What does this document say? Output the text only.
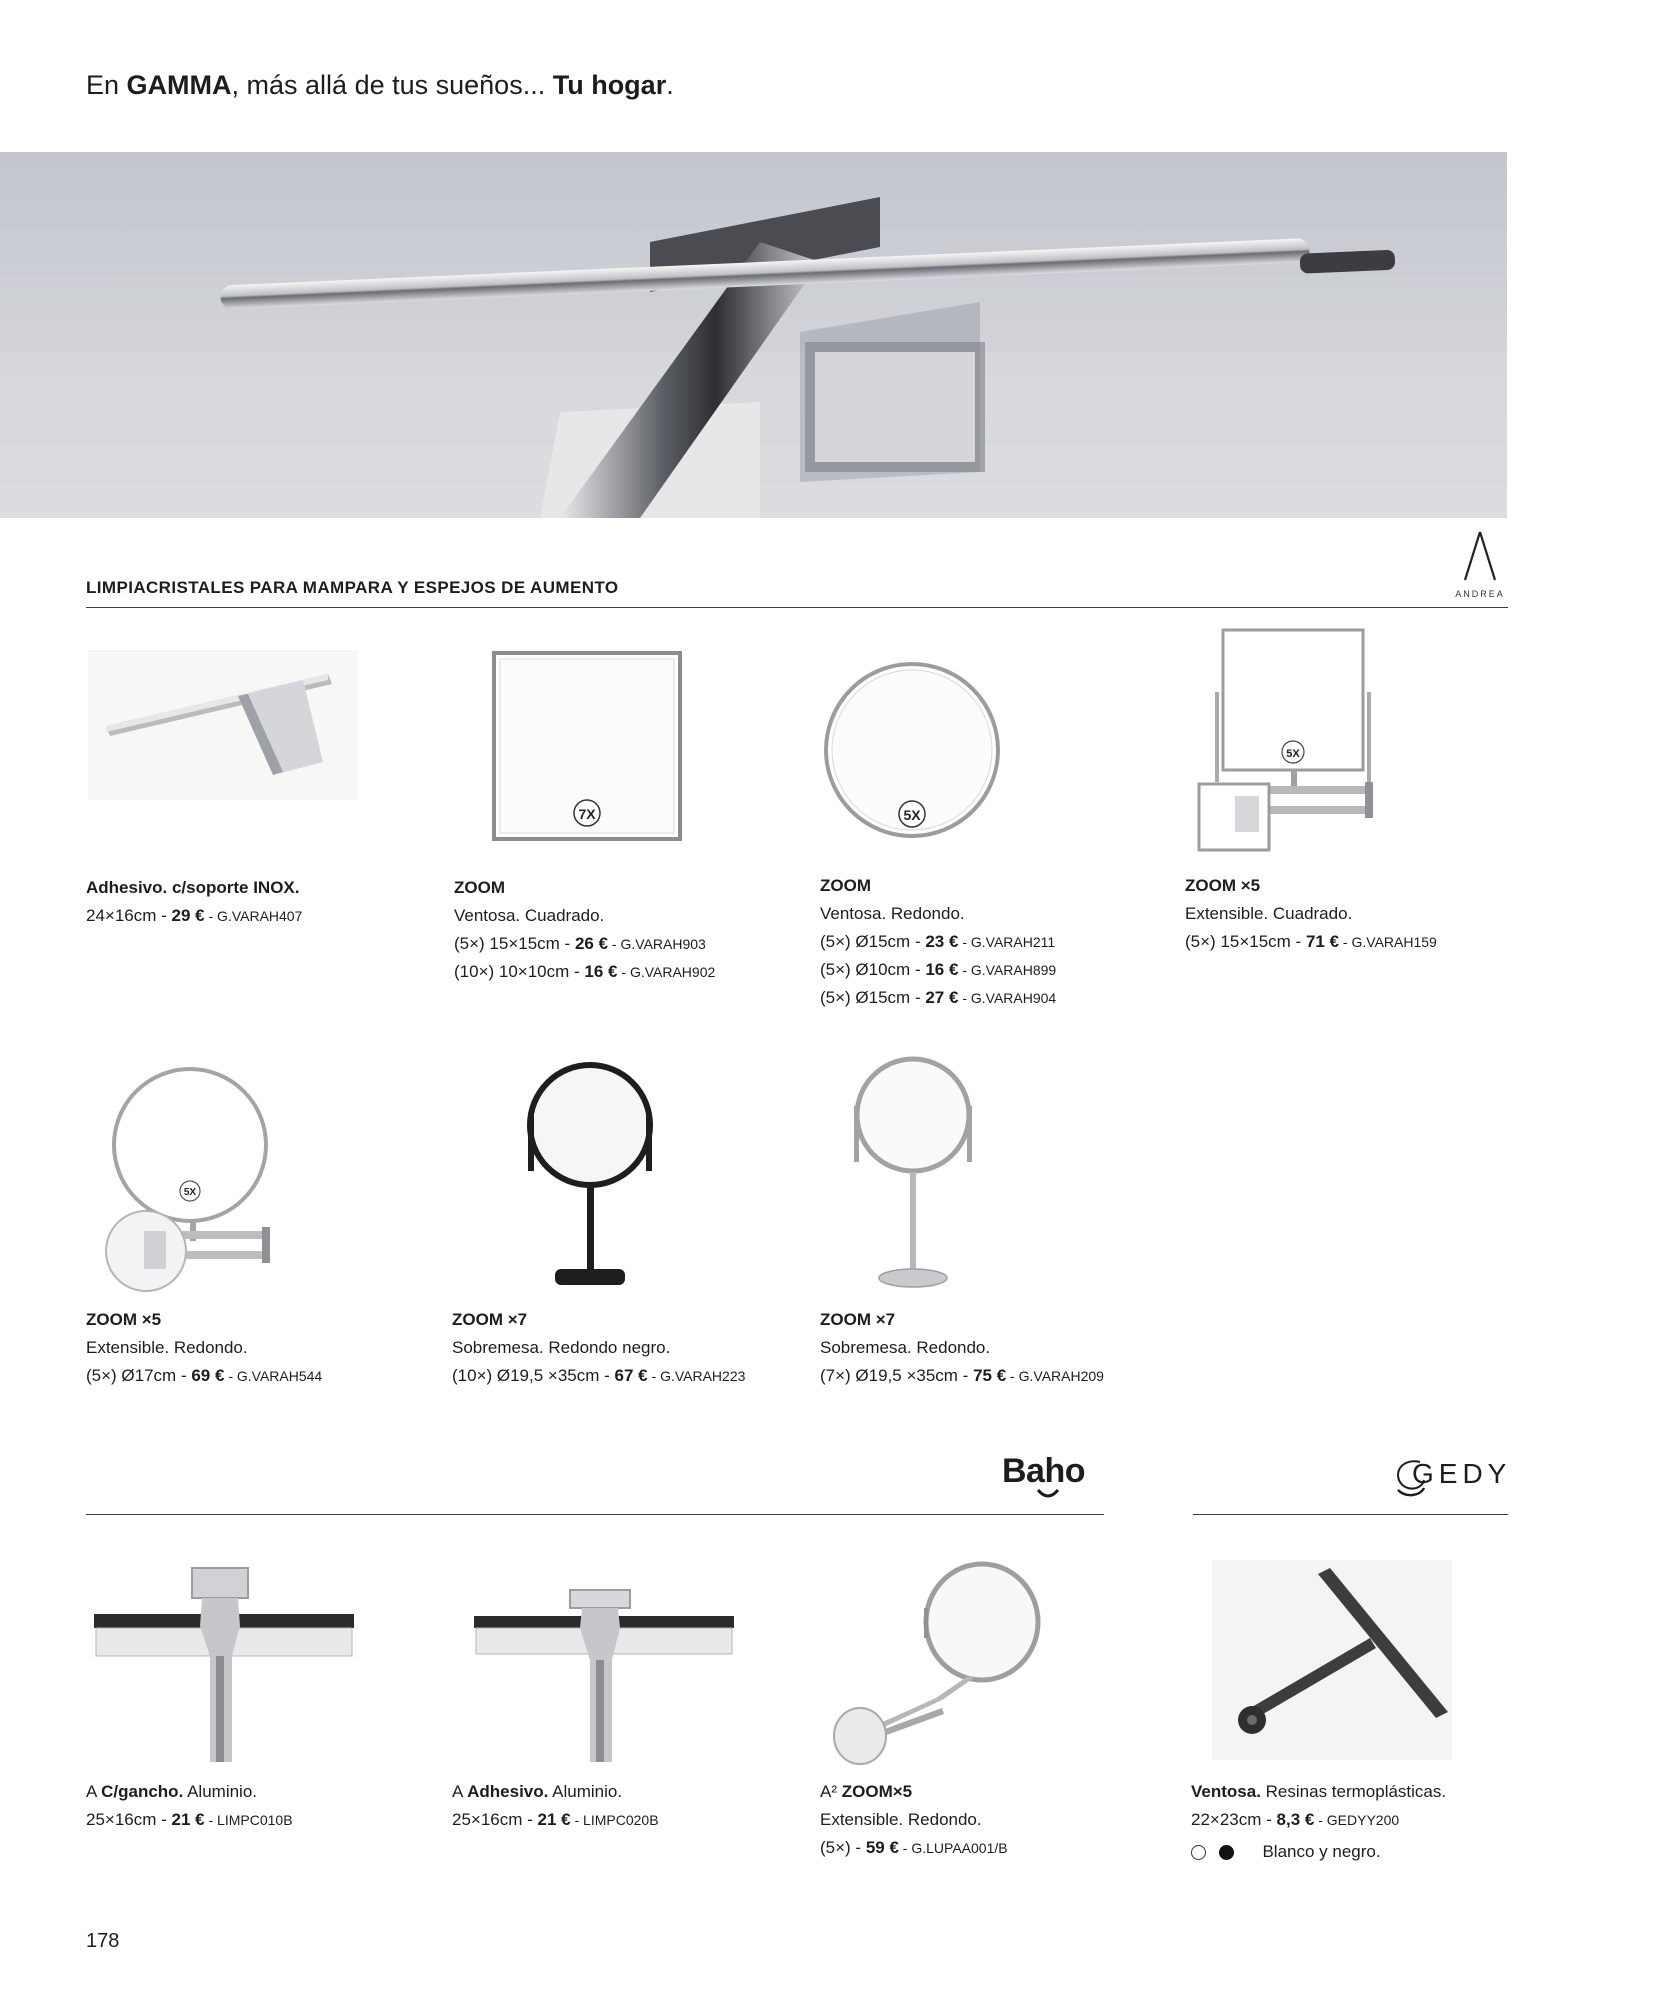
En GAMMA, más allá de tus sueños... Tu hogar.
LIMPIACRISTALES PARA MAMPARA Y ESPEJOS DE AUMENTO	ANDREA
7X	5X
5X
Adhesivo. c/soporte INOX.
24×16cm - 29 € - G.VARAH407
ZOOM
Ventosa. Cuadrado.
(5×) 15×15cm - 26 € - G.VARAH903
(10×) 10×10cm - 16 € - G.VARAH902
ZOOM
Ventosa. Redondo.
(5×) Ø15cm - 23 € - G.VARAH211
(5×) Ø10cm - 16 € - G.VARAH899
(5×) Ø15cm - 27 € - G.VARAH904
ZOOM ×5
Extensible. Cuadrado.
(5×) 15×15cm - 71 € - G.VARAH159
5X
ZOOM ×5
Extensible. Redondo.
(5×) Ø17cm - 69 € - G.VARAH544
ZOOM ×7
Sobremesa. Redondo negro.
(10×) Ø19,5 ×35cm - 67 € - G.VARAH223
ZOOM ×7
Sobremesa. Redondo.
(7×) Ø19,5 ×35cm - 75 € - G.VARAH209
Baho	GEDY
A C/gancho. Aluminio.
25×16cm - 21 € - LIMPC010B
A Adhesivo. Aluminio.
25×16cm - 21 € - LIMPC020B
A² ZOOM×5
Extensible. Redondo.
(5×) - 59 € - G.LUPAA001/B
Ventosa. Resinas termoplásticas.
22×23cm - 8,3 € - GEDYY200
Blanco y negro.
178
